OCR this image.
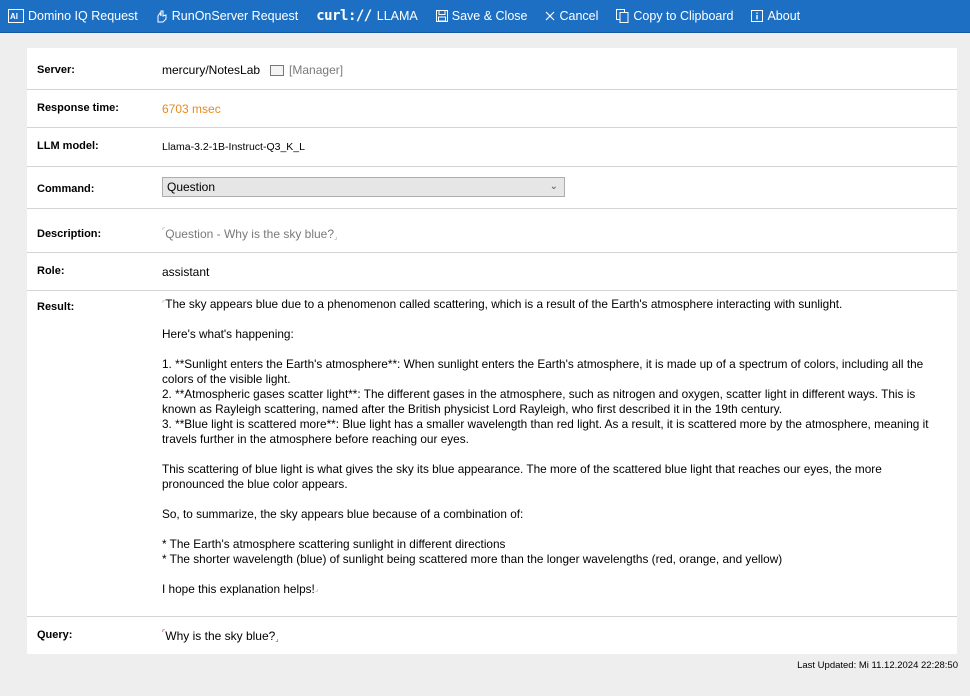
AI Domino IQ Request	RunOnServer Request curl:// LLAMA	Save & Close	Cancel	Copy to Clipboard	About
Server:	mercury/NotesLab [Manager]
Response time:	6703 msec
LLM model:	Llama-3.2-1B-Instruct-Q3_K_L
Command:	Question	⌄
Description:	⌜Question - Why is the sky blue?⌟
Role:	assistant
Result:	⌜The sky appears blue due to a phenomenon called scattering, which is a result of the Earth's atmosphere interacting with sunlight.

Here's what's happening:

1. **Sunlight enters the Earth's atmosphere**: When sunlight enters the Earth's atmosphere, it is made up of a spectrum of colors, including all the colors of the visible light.
2. **Atmospheric gases scatter light**: The different gases in the atmosphere, such as nitrogen and oxygen, scatter light in different ways. This is known as Rayleigh scattering, named after the British physicist Lord Rayleigh, who first described it in the 19th century.
3. **Blue light is scattered more**: Blue light has a smaller wavelength than red light. As a result, it is scattered more by the atmosphere, meaning it travels further in the atmosphere before reaching our eyes.

This scattering of blue light is what gives the sky its blue appearance. The more of the scattered blue light that reaches our eyes, the more pronounced the blue color appears.

So, to summarize, the sky appears blue because of a combination of:

* The Earth's atmosphere scattering sunlight in different directions
* The shorter wavelength (blue) of sunlight being scattered more than the longer wavelengths (red, orange, and yellow)

I hope this explanation helps!⌟

Query:	⌜Why is the sky blue?⌟
Last Updated: Mi 11.12.2024 22:28:50
